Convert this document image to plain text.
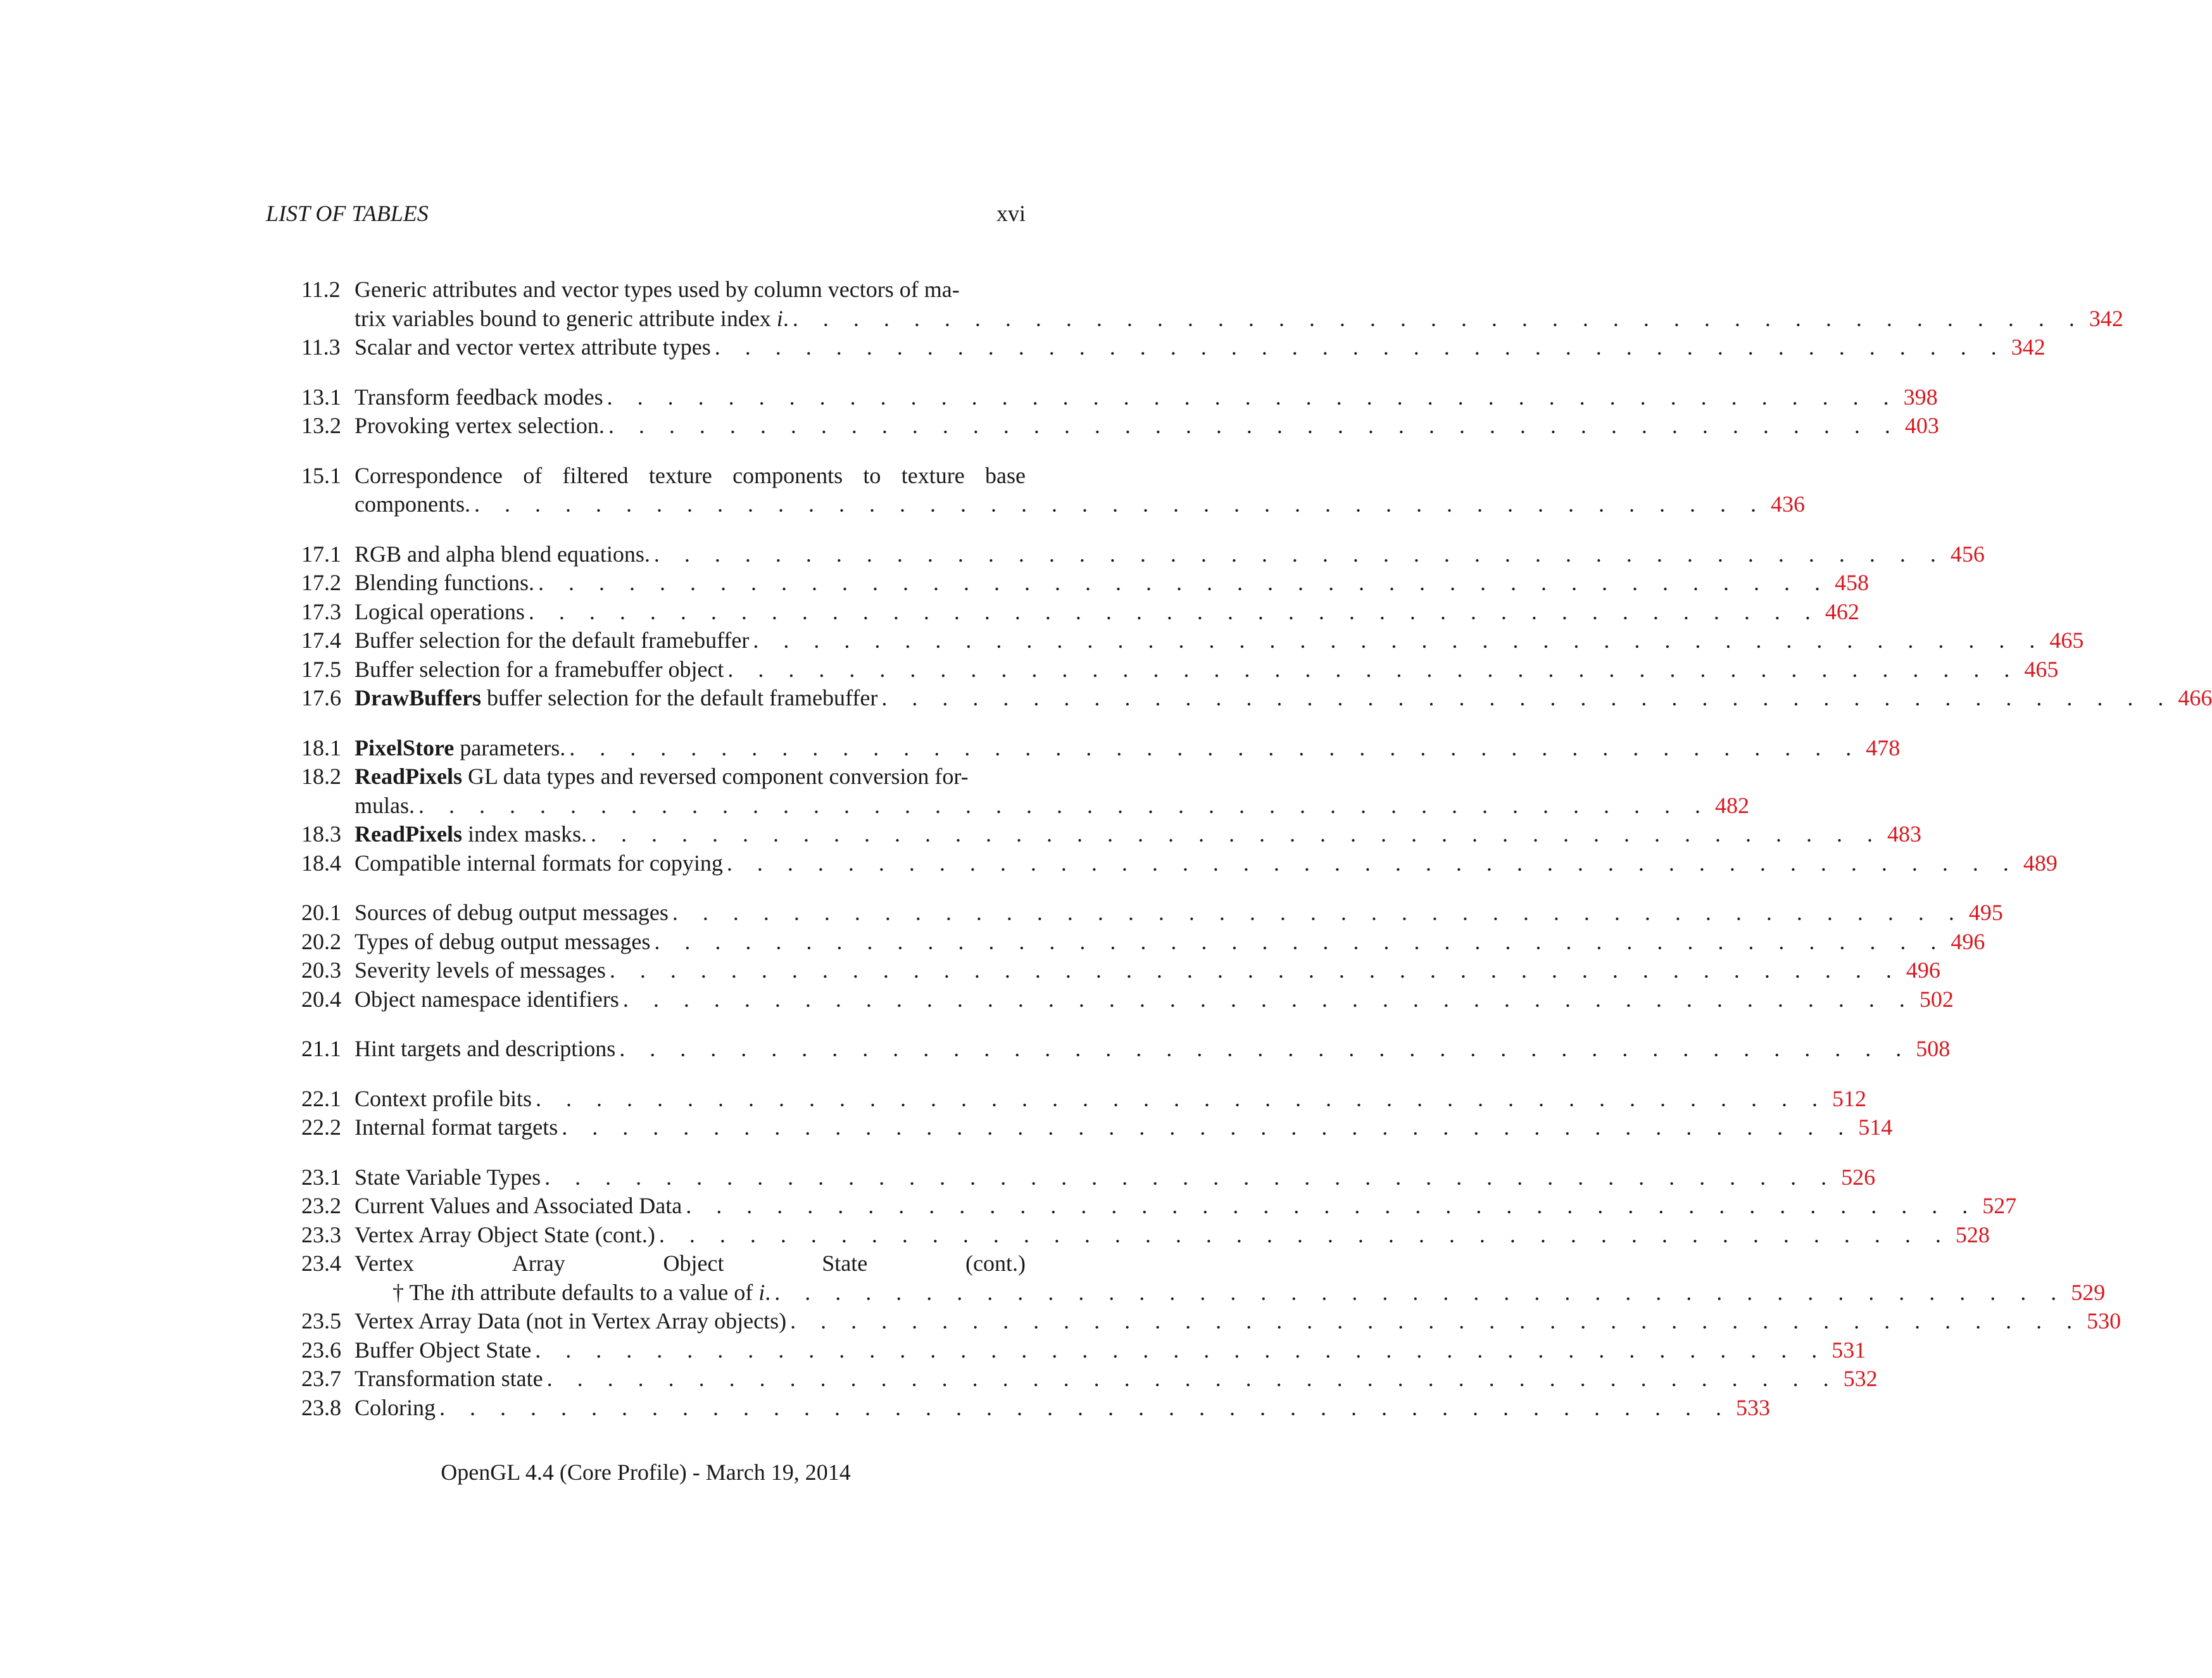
LIST OF TABLES	xvi
11.2 Generic attributes and vector types used by column vectors of ma-
trix variables bound to generic attribute index i. . . . . . . . . . . . . . . . . . . . . . . . . . . . . . . . . . . . . . . . . . . . 342
11.3 Scalar and vector vertex attribute types . . . . . . . . . . . . . . . . . . . . . . . . . . . . . . . . . . . . . . . . . . . 342
13.1 Transform feedback modes . . . . . . . . . . . . . . . . . . . . . . . . . . . . . . . . . . . . . . . . . . . 398
13.2 Provoking vertex selection. . . . . . . . . . . . . . . . . . . . . . . . . . . . . . . . . . . . . . . . . . . . 403
15.1 Correspondence of filtered texture components to texture base
components. . . . . . . . . . . . . . . . . . . . . . . . . . . . . . . . . . . . . . . . . . . . 436
17.1 RGB and alpha blend equations. . . . . . . . . . . . . . . . . . . . . . . . . . . . . . . . . . . . . . . . . . . . 456
17.2 Blending functions. . . . . . . . . . . . . . . . . . . . . . . . . . . . . . . . . . . . . . . . . . . . 458
17.3 Logical operations . . . . . . . . . . . . . . . . . . . . . . . . . . . . . . . . . . . . . . . . . . . 462
17.4 Buffer selection for the default framebuffer . . . . . . . . . . . . . . . . . . . . . . . . . . . . . . . . . . . . . . . . . . . 465
17.5 Buffer selection for a framebuffer object . . . . . . . . . . . . . . . . . . . . . . . . . . . . . . . . . . . . . . . . . . . 465
17.6 DrawBuffers buffer selection for the default framebuffer . . . . . . . . . . . . . . . . . . . . . . . . . . . . . . . . . . . . . . . . . . . 466
18.1 PixelStore parameters. . . . . . . . . . . . . . . . . . . . . . . . . . . . . . . . . . . . . . . . . . . . 478
18.2 ReadPixels GL data types and reversed component conversion for-
mulas. . . . . . . . . . . . . . . . . . . . . . . . . . . . . . . . . . . . . . . . . . . . 482
18.3 ReadPixels index masks. . . . . . . . . . . . . . . . . . . . . . . . . . . . . . . . . . . . . . . . . . . . 483
18.4 Compatible internal formats for copying . . . . . . . . . . . . . . . . . . . . . . . . . . . . . . . . . . . . . . . . . . . 489
20.1 Sources of debug output messages . . . . . . . . . . . . . . . . . . . . . . . . . . . . . . . . . . . . . . . . . . . 495
20.2 Types of debug output messages . . . . . . . . . . . . . . . . . . . . . . . . . . . . . . . . . . . . . . . . . . . 496
20.3 Severity levels of messages . . . . . . . . . . . . . . . . . . . . . . . . . . . . . . . . . . . . . . . . . . . 496
20.4 Object namespace identifiers . . . . . . . . . . . . . . . . . . . . . . . . . . . . . . . . . . . . . . . . . . . 502
21.1 Hint targets and descriptions . . . . . . . . . . . . . . . . . . . . . . . . . . . . . . . . . . . . . . . . . . . 508
22.1 Context profile bits . . . . . . . . . . . . . . . . . . . . . . . . . . . . . . . . . . . . . . . . . . . 512
22.2 Internal format targets . . . . . . . . . . . . . . . . . . . . . . . . . . . . . . . . . . . . . . . . . . . 514
23.1 State Variable Types . . . . . . . . . . . . . . . . . . . . . . . . . . . . . . . . . . . . . . . . . . . 526
23.2 Current Values and Associated Data . . . . . . . . . . . . . . . . . . . . . . . . . . . . . . . . . . . . . . . . . . . 527
23.3 Vertex Array Object State (cont.) . . . . . . . . . . . . . . . . . . . . . . . . . . . . . . . . . . . . . . . . . . . 528
23.4 Vertex	Array	Object	State	(cont.)
† The ith attribute defaults to a value of i. . . . . . . . . . . . . . . . . . . . . . . . . . . . . . . . . . . . . . . . . . . . 529
23.5 Vertex Array Data (not in Vertex Array objects) . . . . . . . . . . . . . . . . . . . . . . . . . . . . . . . . . . . . . . . . . . . 530
23.6 Buffer Object State . . . . . . . . . . . . . . . . . . . . . . . . . . . . . . . . . . . . . . . . . . . 531
23.7 Transformation state . . . . . . . . . . . . . . . . . . . . . . . . . . . . . . . . . . . . . . . . . . . 532
23.8 Coloring . . . . . . . . . . . . . . . . . . . . . . . . . . . . . . . . . . . . . . . . . . . 533
OpenGL 4.4 (Core Profile) - March 19, 2014
